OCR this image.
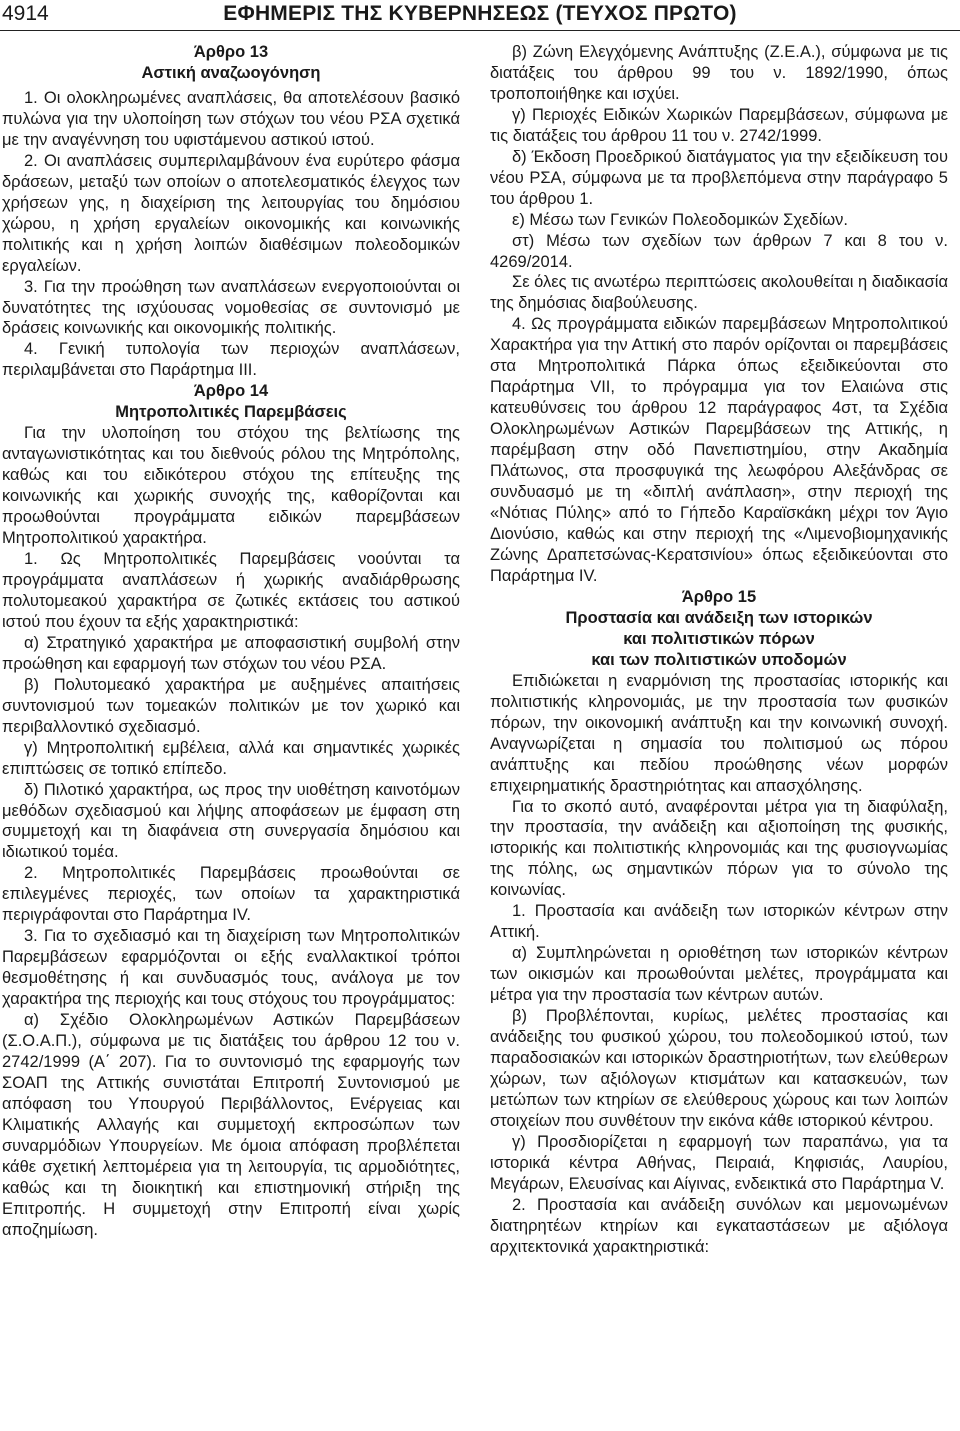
4914	ΕΦΗΜΕΡΙΣ ΤΗΣ ΚΥΒΕΡΝΗΣΕΩΣ (ΤΕΥΧΟΣ ΠΡΩΤΟ)
Άρθρο 13
Αστική αναζωογόνηση

1. Οι ολοκληρωμένες αναπλάσεις, θα αποτελέσουν βασικό πυλώνα για την υλοποίηση των στόχων του νέου ΡΣΑ σχετικά με την αναγέννηση του υφιστάμενου αστικού ιστού.

2. Οι αναπλάσεις συμπεριλαμβάνουν ένα ευρύτερο φάσμα δράσεων, μεταξύ των οποίων ο αποτελεσματικός έλεγχος των χρήσεων γης, η διαχείριση της λειτουργίας του δημόσιου χώρου, η χρήση εργαλείων οικονομικής και κοινωνικής πολιτικής και η χρήση λοιπών διαθέσιμων πολεοδομικών εργαλείων.

3. Για την προώθηση των αναπλάσεων ενεργοποιούνται οι δυνατότητες της ισχύουσας νομοθεσίας σε συντονισμό με δράσεις κοινωνικής και οικονομικής πολιτικής.

4. Γενική τυπολογία των περιοχών αναπλάσεων, περιλαμβάνεται στο Παράρτημα ΙΙΙ.

Άρθρο 14
Μητροπολιτικές Παρεμβάσεις

Για την υλοποίηση του στόχου της βελτίωσης της ανταγωνιστικότητας και του διεθνούς ρόλου της Μητρόπολης, καθώς και του ειδικότερου στόχου της επίτευξης της κοινωνικής και χωρικής συνοχής της, καθορίζονται και προωθούνται προγράμματα ειδικών παρεμβάσεων Μητροπολιτικού χαρακτήρα.

1. Ως Μητροπολιτικές Παρεμβάσεις νοούνται τα προγράμματα αναπλάσεων ή χωρικής αναδιάρθρωσης πολυτομεακού χαρακτήρα σε ζωτικές εκτάσεις του αστικού ιστού που έχουν τα εξής χαρακτηριστικά:

α) Στρατηγικό χαρακτήρα με αποφασιστική συμβολή στην προώθηση και εφαρμογή των στόχων του νέου ΡΣΑ.

β) Πολυτομεακό χαρακτήρα με αυξημένες απαιτήσεις συντονισμού των τομεακών πολιτικών με τον χωρικό και περιβαλλοντικό σχεδιασμό.

γ) Μητροπολιτική εμβέλεια, αλλά και σημαντικές χωρικές επιπτώσεις σε τοπικό επίπεδο.

δ) Πιλοτικό χαρακτήρα, ως προς την υιοθέτηση καινοτόμων μεθόδων σχεδιασμού και λήψης αποφάσεων με έμφαση στη συμμετοχή και τη διαφάνεια στη συνεργασία δημόσιου και ιδιωτικού τομέα.

2. Μητροπολιτικές Παρεμβάσεις προωθούνται σε επιλεγμένες περιοχές, των οποίων τα χαρακτηριστικά περιγράφονται στο Παράρτημα IV.

3. Για το σχεδιασμό και τη διαχείριση των Μητροπολιτικών Παρεμβάσεων εφαρμόζονται οι εξής εναλλακτικοί τρόποι θεσμοθέτησης ή και συνδυασμός τους, ανάλογα με τον χαρακτήρα της περιοχής και τους στόχους του προγράμματος:

α) Σχέδιο Ολοκληρωμένων Αστικών Παρεμβάσεων (Σ.Ο.Α.Π.), σύμφωνα με τις διατάξεις του άρθρου 12 του ν. 2742/1999 (Α΄ 207). Για το συντονισμό της εφαρμογής των ΣΟΑΠ της Αττικής συνιστάται Επιτροπή Συντονισμού με απόφαση του Υπουργού Περιβάλλοντος, Ενέργειας και Κλιματικής Αλλαγής και συμμετοχή εκπροσώπων των συναρμόδιων Υπουργείων. Με όμοια απόφαση προβλέπεται κάθε σχετική λεπτομέρεια για τη λειτουργία, τις αρμοδιότητες, καθώς και τη διοικητική και επιστημονική στήριξη της Επιτροπής. Η συμμετοχή στην Επιτροπή είναι χωρίς αποζημίωση.

β) Ζώνη Ελεγχόμενης Ανάπτυξης (Ζ.Ε.Α.), σύμφωνα με τις διατάξεις του άρθρου 99 του ν. 1892/1990, όπως τροποποιήθηκε και ισχύει.

γ) Περιοχές Ειδικών Χωρικών Παρεμβάσεων, σύμφωνα με τις διατάξεις του άρθρου 11 του ν. 2742/1999.

δ) Έκδοση Προεδρικού διατάγματος για την εξειδίκευση του νέου ΡΣΑ, σύμφωνα με τα προβλεπόμενα στην παράγραφο 5 του άρθρου 1.

ε) Μέσω των Γενικών Πολεοδομικών Σχεδίων.

στ) Μέσω των σχεδίων των άρθρων 7 και 8 του ν. 4269/2014.

Σε όλες τις ανωτέρω περιπτώσεις ακολουθείται η διαδικασία της δημόσιας διαβούλευσης.

4. Ως προγράμματα ειδικών παρεμβάσεων Μητροπολιτικού Χαρακτήρα για την Αττική στο παρόν ορίζονται οι παρεμβάσεις στα Μητροπολιτικά Πάρκα όπως εξειδικεύονται στο Παράρτημα VII, το πρόγραμμα για τον Ελαιώνα στις κατευθύνσεις του άρθρου 12 παράγραφος 4στ, τα Σχέδια Ολοκληρωμένων Αστικών Παρεμβάσεων της Αττικής, η παρέμβαση στην οδό Πανεπιστημίου, στην Ακαδημία Πλάτωνος, στα προσφυγικά της λεωφόρου Αλεξάνδρας σε συνδυασμό με τη «διπλή ανάπλαση», στην περιοχή της «Νότιας Πύλης» από το Γήπεδο Καραϊσκάκη μέχρι τον Άγιο Διονύσιο, καθώς και στην περιοχή της «Λιμενοβιομηχανικής Ζώνης Δραπετσώνας-Κερατσινίου» όπως εξειδικεύονται στο Παράρτημα IV.

Άρθρο 15
Προστασία και ανάδειξη των ιστορικών
και πολιτιστικών πόρων
και των πολιτιστικών υποδομών

Επιδιώκεται η εναρμόνιση της προστασίας ιστορικής και πολιτιστικής κληρονομιάς, με την προστασία των φυσικών πόρων, την οικονομική ανάπτυξη και την κοινωνική συνοχή. Αναγνωρίζεται η σημασία του πολιτισμού ως πόρου ανάπτυξης και πεδίου προώθησης νέων μορφών επιχειρηματικής δραστηριότητας και απασχόλησης.

Για το σκοπό αυτό, αναφέρονται μέτρα για τη διαφύλαξη, την προστασία, την ανάδειξη και αξιοποίηση της φυσικής, ιστορικής και πολιτιστικής κληρονομιάς και της φυσιογνωμίας της πόλης, ως σημαντικών πόρων για το σύνολο της κοινωνίας.

1. Προστασία και ανάδειξη των ιστορικών κέντρων στην Αττική.

α) Συμπληρώνεται η οριοθέτηση των ιστορικών κέντρων των οικισμών και προωθούνται μελέτες, προγράμματα και μέτρα για την προστασία των κέντρων αυτών.

β) Προβλέπονται, κυρίως, μελέτες προστασίας και ανάδειξης του φυσικού χώρου, του πολεοδομικού ιστού, των παραδοσιακών και ιστορικών δραστηριοτήτων, των ελεύθερων χώρων, των αξιόλογων κτισμάτων και κατασκευών, των μετώπων των κτηρίων σε ελεύθερους χώρους και των λοιπών στοιχείων που συνθέτουν την εικόνα κάθε ιστορικού κέντρου.

γ) Προσδιορίζεται η εφαρμογή των παραπάνω, για τα ιστορικά κέντρα Αθήνας, Πειραιά, Κηφισιάς, Λαυρίου, Μεγάρων, Ελευσίνας και Αίγινας, ενδεικτικά στο Παράρτημα V.

2. Προστασία και ανάδειξη συνόλων και μεμονωμένων διατηρητέων κτηρίων και εγκαταστάσεων με αξιόλογα αρχιτεκτονικά χαρακτηριστικά:
